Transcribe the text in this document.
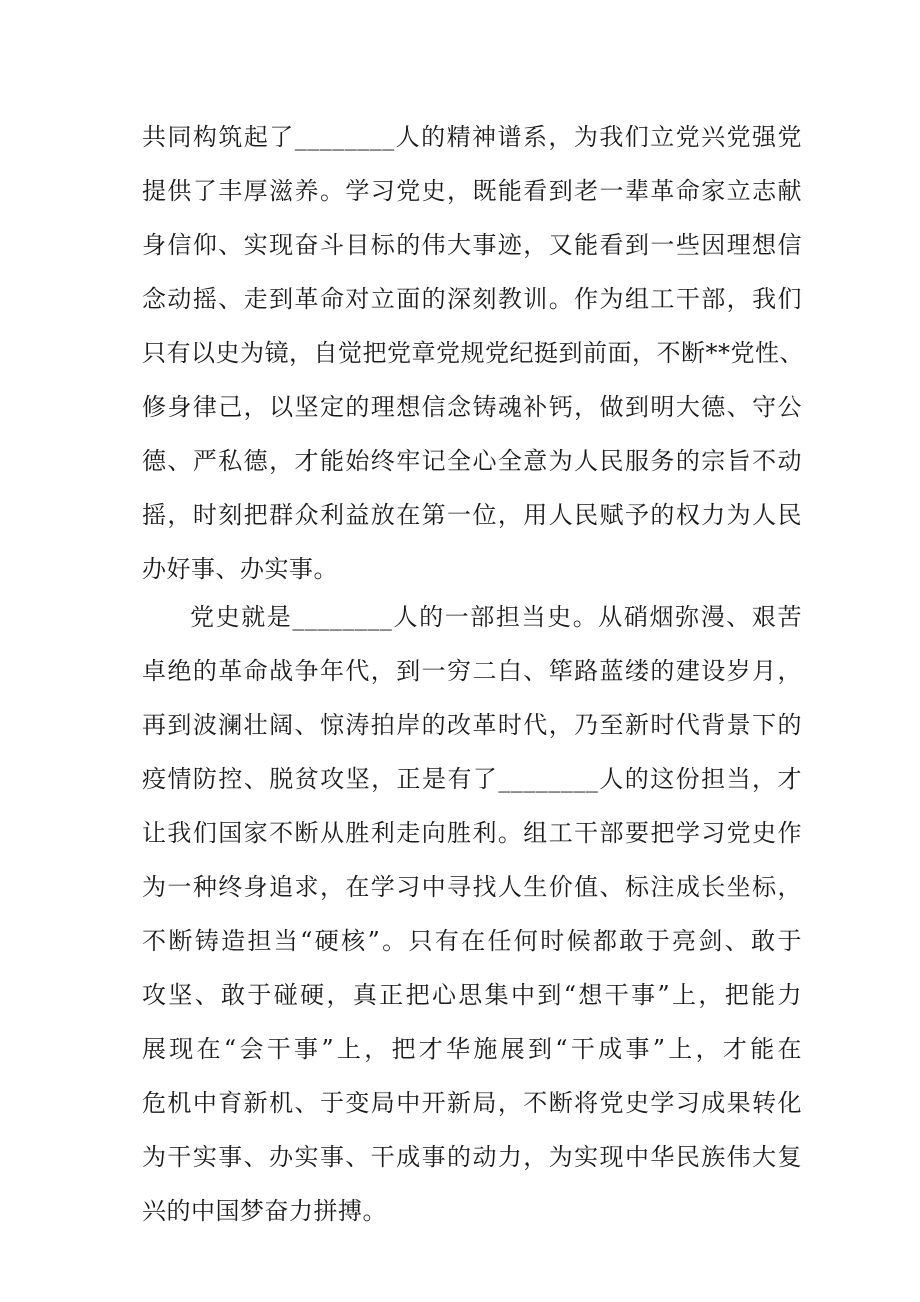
共同构筑起了________人的精神谱系，为我们立党兴党强党
提供了丰厚滋养。学习党史，既能看到老一辈革命家立志献
身信仰、实现奋斗目标的伟大事迹，又能看到一些因理想信
念动摇、走到革命对立面的深刻教训。作为组工干部，我们
只有以史为镜，自觉把党章党规党纪挺到前面，不断**党性、
修身律己，以坚定的理想信念铸魂补钙，做到明大德、守公
德、严私德，才能始终牢记全心全意为人民服务的宗旨不动
摇，时刻把群众利益放在第一位，用人民赋予的权力为人民
办好事、办实事。
党史就是________人的一部担当史。从硝烟弥漫、艰苦
卓绝的革命战争年代，到一穷二白、筚路蓝缕的建设岁月，
再到波澜壮阔、惊涛拍岸的改革时代，乃至新时代背景下的
疫情防控、脱贫攻坚，正是有了________人的这份担当，才
让我们国家不断从胜利走向胜利。组工干部要把学习党史作
为一种终身追求，在学习中寻找人生价值、标注成长坐标，
不断铸造担当“硬核”。只有在任何时候都敢于亮剑、敢于
攻坚、敢于碰硬，真正把心思集中到“想干事”上，把能力
展现在“会干事”上，把才华施展到“干成事”上，才能在
危机中育新机、于变局中开新局，不断将党史学习成果转化
为干实事、办实事、干成事的动力，为实现中华民族伟大复
兴的中国梦奋力拼搏。
